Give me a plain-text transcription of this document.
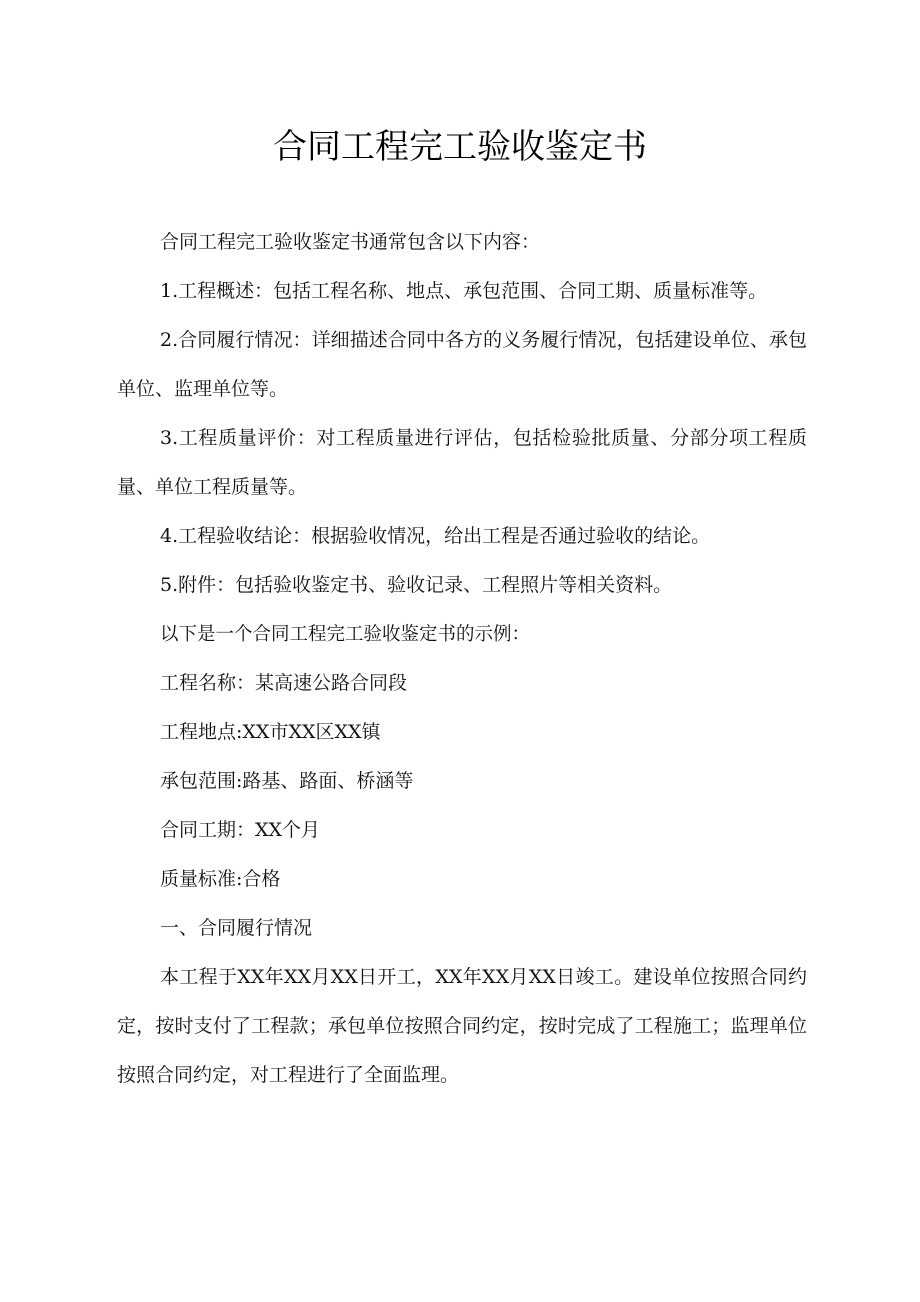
合同工程完工验收鉴定书

合同工程完工验收鉴定书通常包含以下内容：

1.工程概述：包括工程名称、地点、承包范围、合同工期、质量标准等。

2.合同履行情况：详细描述合同中各方的义务履行情况，包括建设单位、承包单位、监理单位等。

3.工程质量评价：对工程质量进行评估，包括检验批质量、分部分项工程质量、单位工程质量等。

4.工程验收结论：根据验收情况，给出工程是否通过验收的结论。

5.附件：包括验收鉴定书、验收记录、工程照片等相关资料。

以下是一个合同工程完工验收鉴定书的示例：

工程名称：某高速公路合同段

工程地点:XX市XX区XX镇

承包范围:路基、路面、桥涵等

合同工期：XX个月

质量标准:合格

一、合同履行情况

本工程于XX年XX月XX日开工，XX年XX月XX日竣工。建设单位按照合同约定，按时支付了工程款；承包单位按照合同约定，按时完成了工程施工；监理单位按照合同约定，对工程进行了全面监理。
